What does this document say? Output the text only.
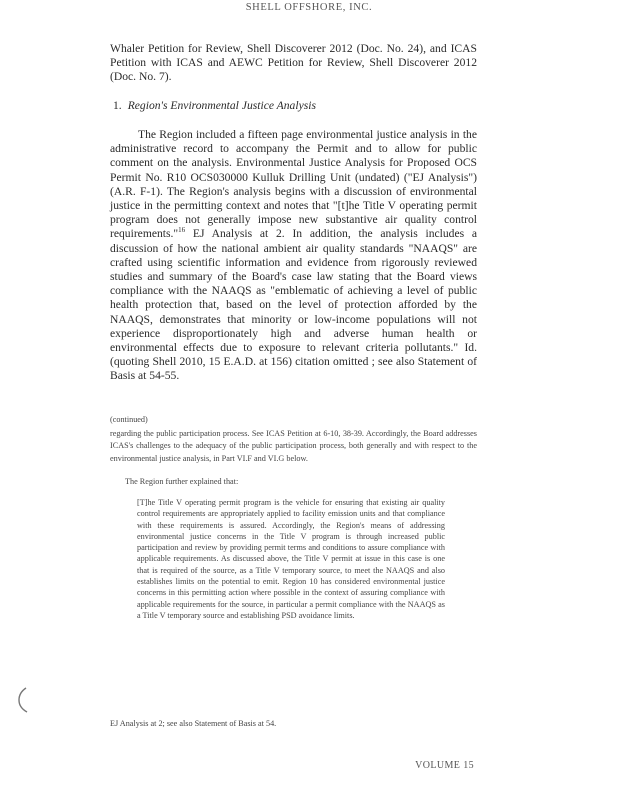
SHELL OFFSHORE, INC.
Whaler Petition for Review, Shell Discoverer 2012 (Doc. No. 24), and ICAS Petition with ICAS and AEWC Petition for Review, Shell Discoverer 2012 (Doc. No. 7).
1. Region's Environmental Justice Analysis
The Region included a fifteen page environmental justice analysis in the administrative record to accompany the Permit and to allow for public comment on the analysis. Environmental Justice Analysis for Proposed OCS Permit No. R10 OCS030000 Kulluk Drilling Unit (undated) ("EJ Analysis") (A.R. F-1). The Region's analysis begins with a discussion of environmental justice in the permitting context and notes that "[t]he Title V operating permit program does not generally impose new substantive air quality control requirements."$^{16}$ EJ Analysis at 2. In addition, the analysis includes a discussion of how the national ambient air quality standards "NAAQS" are crafted using scientific information and evidence from rigorously reviewed studies and summary of the Board's case law stating that the Board views compliance with the NAAQS as "emblematic of achieving a level of public health protection that, based on the level of protection afforded by the NAAQS, demonstrates that minority or low-income populations will not experience disproportionately high and adverse human health or environmental effects due to exposure to relevant criteria pollutants." Id. (quoting Shell 2010, 15 E.A.D. at 156) citation omitted ; see also Statement of Basis at 54-55.
(continued)
regarding the public participation process. See ICAS Petition at 6-10, 38-39. Accordingly, the Board addresses ICAS's challenges to the adequacy of the public participation process, both generally and with respect to the environmental justice analysis, in Part VI.F and VI.G below.
The Region further explained that:
[T]he Title V operating permit program is the vehicle for ensuring that existing air quality control requirements are appropriately applied to facility emission units and that compliance with these requirements is assured. Accordingly, the Region's means of addressing environmental justice concerns in the Title V program is through increased public participation and review by providing permit terms and conditions to assure compliance with applicable requirements. As discussed above, the Title V permit at issue in this case is one that is required of the source, as a Title V temporary source, to meet the NAAQS and also establishes limits on the potential to emit. Region 10 has considered environmental justice concerns in this permitting action where possible in the context of assuring compliance with applicable requirements for the source, in particular a permit compliance with the NAAQS as a Title V temporary source and establishing PSD avoidance limits.
EJ Analysis at 2; see also Statement of Basis at 54.
VOLUME 15
